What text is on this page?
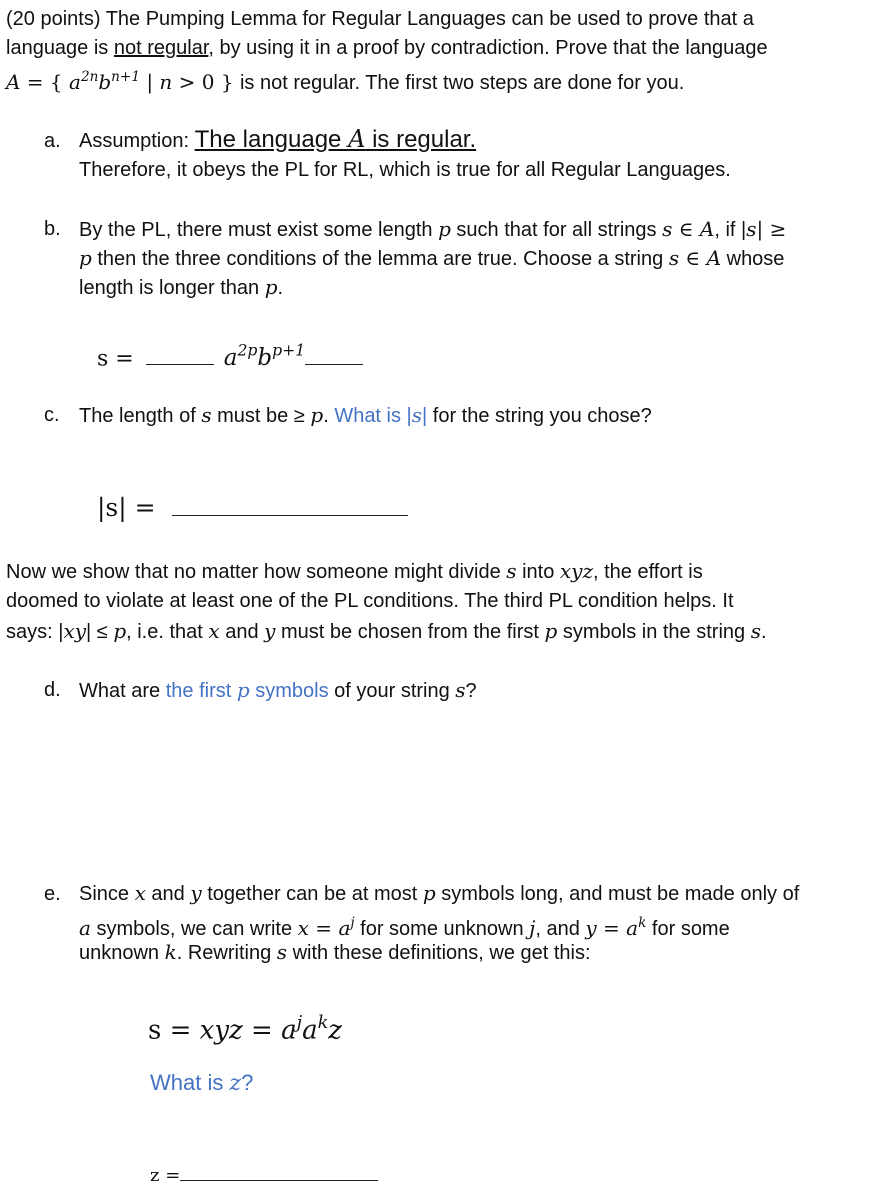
(20 points) The Pumping Lemma for Regular Languages can be used to prove that a
language is not regular, by using it in a proof by contradiction. Prove that the language
A = { $a^{2n}b^{n+1}$ | n > 0 } is not regular. The first two steps are done for you.
a. Assumption: The language A is regular.
Therefore, it obeys the PL for RL, which is true for all Regular Languages.
b. By the PL, there must exist some length p such that for all strings s ∈ A, if |s| ≥
p then the three conditions of the lemma are true. Choose a string s ∈ A whose
length is longer than p.
s =	$a^{2p}b^{p+1}$
c. The length of s must be ≥ p. What is |s| for the string you chose?
|s| =
Now we show that no matter how someone might divide s into xyz, the effort is
doomed to violate at least one of the PL conditions. The third PL condition helps. It
says: |xy| ≤ p, i.e. that x and y must be chosen from the first p symbols in the string s.
d. What are the first p symbols of your string s?
e. Since x and y together can be at most p symbols long, and must be made only of
a symbols, we can write $x = a^j$ for some unknown j, and $y = a^k$ for some
unknown k. Rewriting s with these definitions, we get this:
s = xyz = $a^ja^kz$
What is z?
z =
